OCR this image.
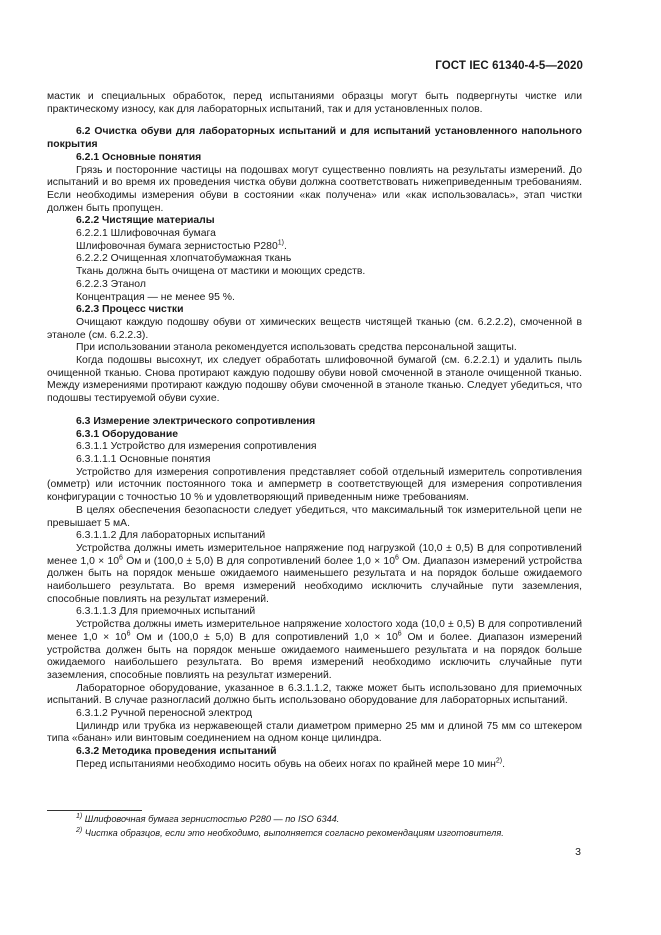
ГОСТ IEC 61340-4-5—2020

мастик и специальных обработок, перед испытаниями образцы могут быть подвергнуты чистке или практическому износу, как для лабораторных испытаний, так и для установленных полов.

6.2 Очистка обуви для лабораторных испытаний и для испытаний установленного напольного покрытия

6.2.1 Основные понятия

Грязь и посторонние частицы на подошвах могут существенно повлиять на результаты измерений. До испытаний и во время их проведения чистка обуви должна соответствовать нижеприведенным требованиям. Если необходимы измерения обуви в состоянии «как получена» или «как использовалась», этап чистки должен быть пропущен.

6.2.2 Чистящие материалы

6.2.2.1 Шлифовочная бумага

Шлифовочная бумага зернистостью P280$^{1)}$.

6.2.2.2 Очищенная хлопчатобумажная ткань

Ткань должна быть очищена от мастики и моющих средств.

6.2.2.3 Этанол

Концентрация — не менее 95 %.

6.2.3 Процесс чистки

Очищают каждую подошву обуви от химических веществ чистящей тканью (см. 6.2.2.2), смоченной в этаноле (см. 6.2.2.3).

При использовании этанола рекомендуется использовать средства персональной защиты.

Когда подошвы высохнут, их следует обработать шлифовочной бумагой (см. 6.2.2.1) и удалить пыль очищенной тканью. Снова протирают каждую подошву обуви новой смоченной в этаноле очищенной тканью. Между измерениями протирают каждую подошву обуви смоченной в этаноле тканью. Следует убедиться, что подошвы тестируемой обуви сухие.

6.3 Измерение электрического сопротивления

6.3.1 Оборудование

6.3.1.1 Устройство для измерения сопротивления

6.3.1.1.1 Основные понятия

Устройство для измерения сопротивления представляет собой отдельный измеритель сопротивления (омметр) или источник постоянного тока и амперметр в соответствующей для измерения сопротивления конфигурации с точностью 10 % и удовлетворяющий приведенным ниже требованиям.

В целях обеспечения безопасности следует убедиться, что максимальный ток измерительной цепи не превышает 5 мА.

6.3.1.1.2 Для лабораторных испытаний

Устройства должны иметь измерительное напряжение под нагрузкой (10,0 ± 0,5) В для сопротивлений менее $1,0 \times 10^6$ Ом и (100,0 ± 5,0) В для сопротивлений более $1,0 \times 10^6$ Ом. Диапазон измерений устройства должен быть на порядок меньше ожидаемого наименьшего результата и на порядок больше ожидаемого наибольшего результата. Во время измерений необходимо исключить случайные пути заземления, способные повлиять на результат измерений.

6.3.1.1.3 Для приемочных испытаний

Устройства должны иметь измерительное напряжение холостого хода (10,0 ± 0,5) В для сопротивлений менее $1,0 \times 10^6$ Ом и (100,0 ± 5,0) В для сопротивлений $1,0 \times 10^6$ Ом и более. Диапазон измерений устройства должен быть на порядок меньше ожидаемого наименьшего результата и на порядок больше ожидаемого наибольшего результата. Во время измерений необходимо исключить случайные пути заземления, способные повлиять на результат измерений.

Лабораторное оборудование, указанное в 6.3.1.1.2, также может быть использовано для приемочных испытаний. В случае разногласий должно быть использовано оборудование для лабораторных испытаний.

6.3.1.2 Ручной переносной электрод

Цилиндр или трубка из нержавеющей стали диаметром примерно 25 мм и длиной 75 мм со штекером типа «банан» или винтовым соединением на одном конце цилиндра.

6.3.2 Методика проведения испытаний

Перед испытаниями необходимо носить обувь на обеих ногах по крайней мере 10 мин$^{2)}$.

$^{1)}$ Шлифовочная бумага зернистостью P280 — по ISO 6344.

$^{2)}$ Чистка образцов, если это необходимо, выполняется согласно рекомендациям изготовителя.

3
